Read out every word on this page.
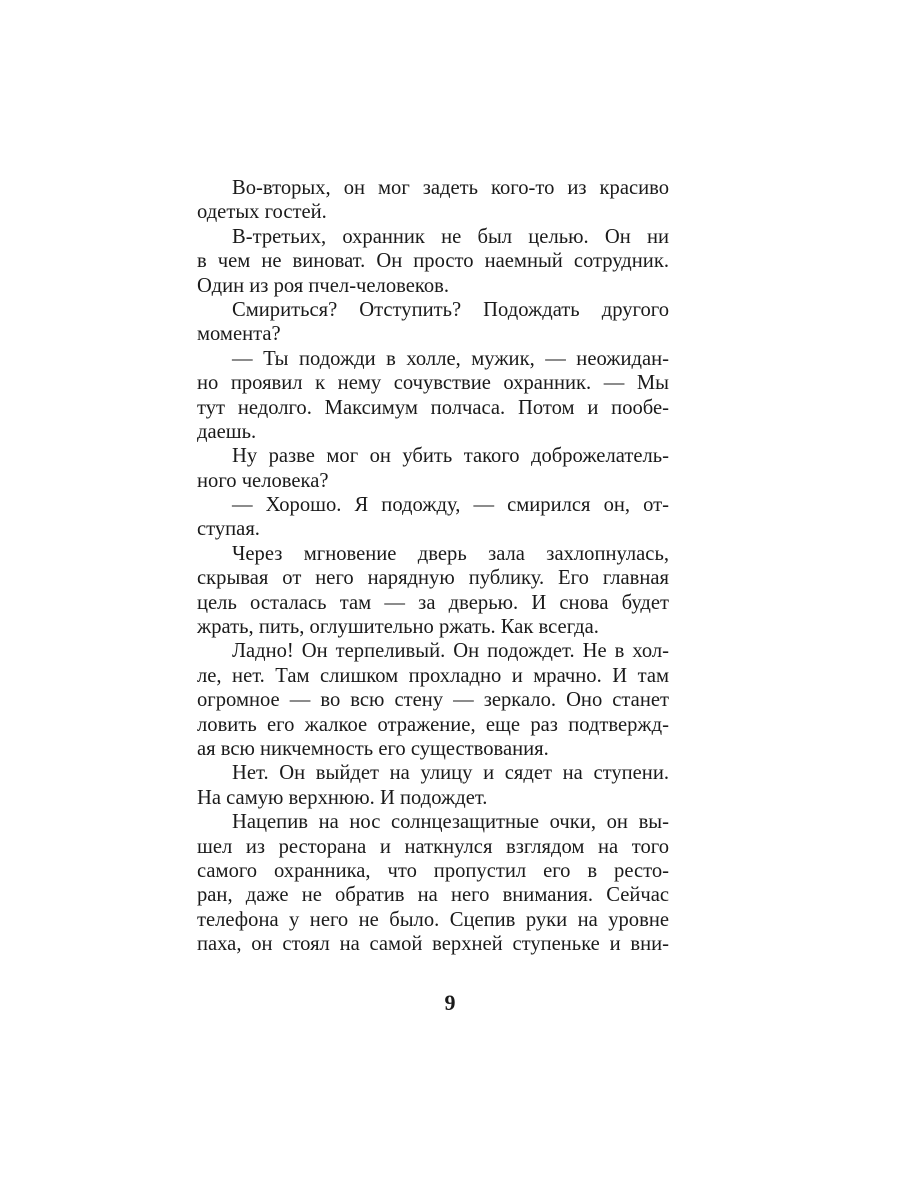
Во-вторых, он мог задеть кого-то из красиво
одетых гостей.
В-третьих, охранник не был целью. Он ни
в чем не виноват. Он просто наемный сотрудник.
Один из роя пчел-человеков.
Смириться? Отступить? Подождать другого
момента?
— Ты подожди в холле, мужик, — неожидан-
но проявил к нему сочувствие охранник. — Мы
тут недолго. Максимум полчаса. Потом и пообе-
даешь.
Ну разве мог он убить такого доброжелатель-
ного человека?
— Хорошо. Я подожду, — смирился он, от-
ступая.
Через мгновение дверь зала захлопнулась,
скрывая от него нарядную публику. Его главная
цель осталась там — за дверью. И снова будет
жрать, пить, оглушительно ржать. Как всегда.
Ладно! Он терпеливый. Он подождет. Не в хол-
ле, нет. Там слишком прохладно и мрачно. И там
огромное — во всю стену — зеркало. Оно станет
ловить его жалкое отражение, еще раз подтвержд-
ая всю никчемность его существования.
Нет. Он выйдет на улицу и сядет на ступени.
На самую верхнюю. И подождет.
Нацепив на нос солнцезащитные очки, он вы-
шел из ресторана и наткнулся взглядом на того
самого охранника, что пропустил его в ресто-
ран, даже не обратив на него внимания. Сейчас
телефона у него не было. Сцепив руки на уровне
паха, он стоял на самой верхней ступеньке и вни-
9
